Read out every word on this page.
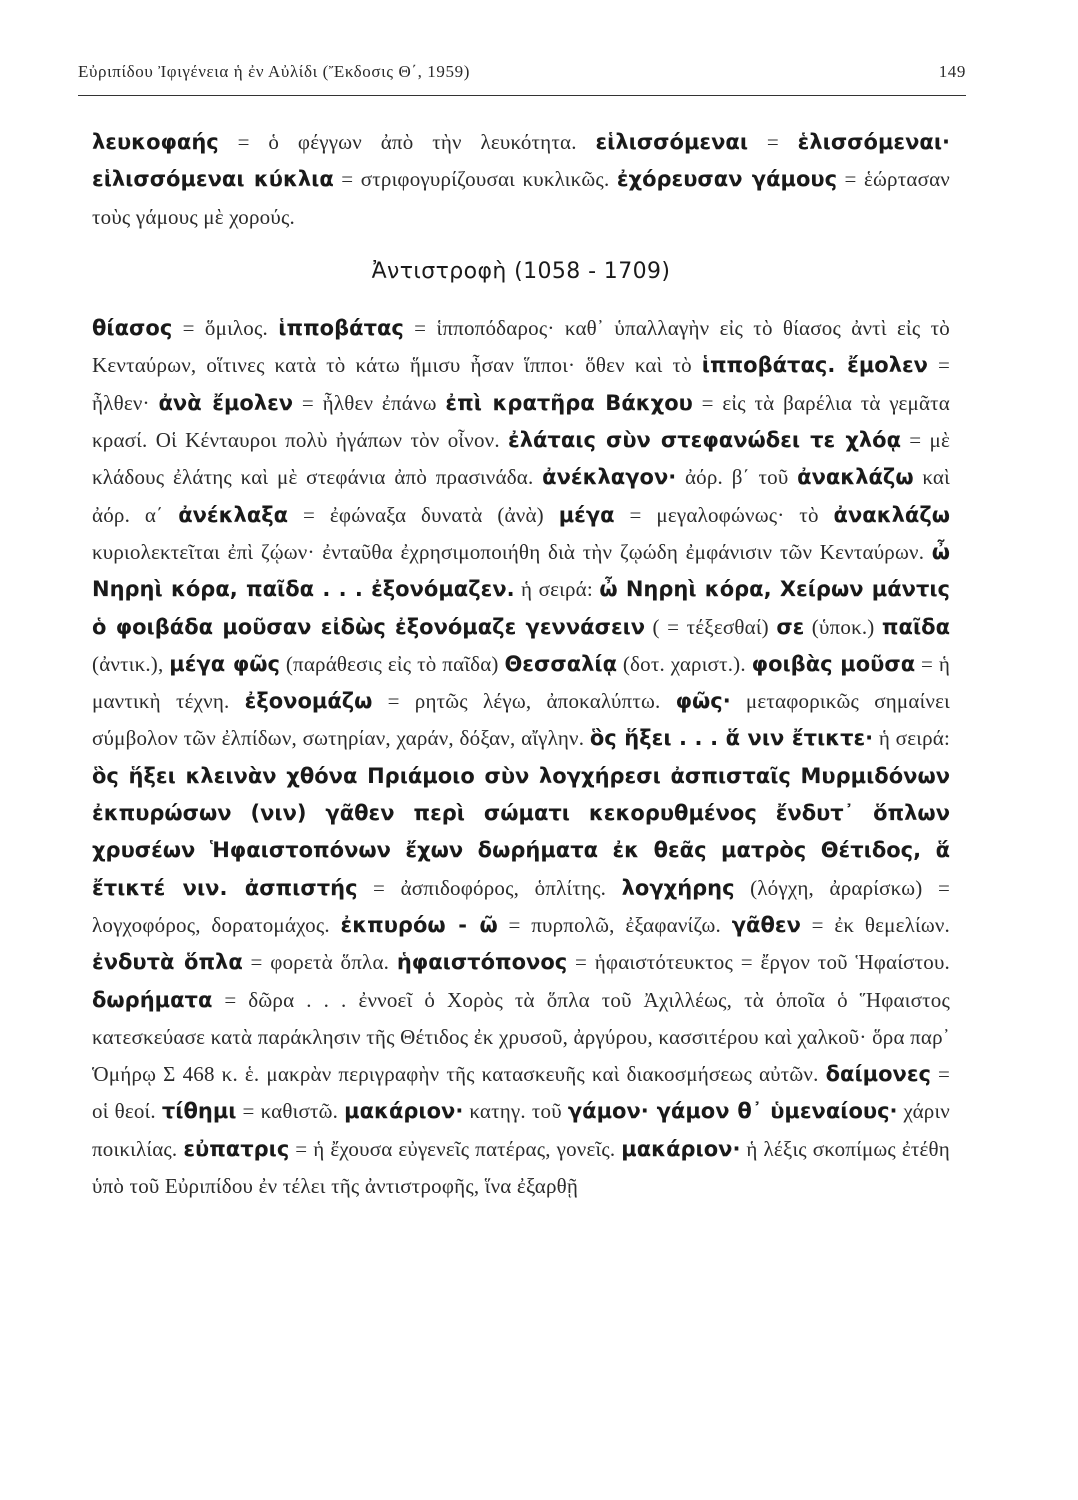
Εὐριπίδου Ἰφιγένεια ἡ ἐν Αὐλίδι (Ἔκδοσις Θ΄, 1959)	149

λευκοφαής = ὁ φέγγων ἀπὸ τὴν λευκότητα. εἱλισσόμεναι = ἑλισσόμεναι· εἱλισσόμεναι κύκλια = στριφογυρίζουσαι κυκλικῶς. ἐχόρευσαν γάμους = ἑώρτασαν τοὺς γάμους μὲ χορούς.

Ἀντιστροφὴ (1058 - 1709)

θίασος = ὅμιλος. ἱπποβάτας = ἱπποπόδαρος· καθ᾽ ὑπαλλαγὴν εἰς τὸ θίασος ἀντὶ εἰς τὸ Κενταύρων, οἵτινες κατὰ τὸ κάτω ἥμισυ ἦσαν ἵπποι· ὅθεν καὶ τὸ ἱπποβάτας. ἔμολεν = ἦλθεν· ἀνὰ ἔμολεν = ἦλθεν ἐπάνω ἐπὶ κρατῆρα Βάκχου = εἰς τὰ βαρέλια τὰ γεμᾶτα κρασί. Οἱ Κένταυροι πολὺ ἠγάπων τὸν οἶνον. ἐλάταις σὺν στεφανώδει τε χλόᾳ = μὲ κλάδους ἐλάτης καὶ μὲ στεφάνια ἀπὸ πρασινάδα. ἀνέκλαγον· ἀόρ. β΄ τοῦ ἀνακλάζω καὶ ἀόρ. α΄ ἀνέκλαξα = ἐφώναξα δυνατὰ (ἀνὰ) μέγα = μεγαλοφώνως· τὸ ἀνακλάζω κυριολεκτεῖται ἐπὶ ζῴων· ἐνταῦθα ἐχρησιμοποιήθη διὰ τὴν ζῳώδη ἐμφάνισιν τῶν Κενταύρων. ὦ Νηρηὶ κόρα, παῖδα . . . ἐξονόμαζεν. ἡ σειρά: ὦ Νηρηὶ κόρα, Χείρων μάντις ὁ φοιβάδα μοῦσαν εἰδὼς ἐξονόμαζε γεννάσειν ( = τέξεσθαί) σε (ὑποκ.) παῖδα (ἀντικ.), μέγα φῶς (παράθεσις εἰς τὸ παῖδα) Θεσσαλίᾳ (δοτ. χαριστ.). φοιβὰς μοῦσα = ἡ μαντικὴ τέχνη. ἐξονομάζω = ρητῶς λέγω, ἀποκαλύπτω. φῶς· μεταφορικῶς σημαίνει σύμβολον τῶν ἐλπίδων, σωτηρίαν, χαράν, δόξαν, αἴγλην. ὃς ἥξει . . . ἅ νιν ἔτικτε· ἡ σειρά: ὃς ἥξει κλεινὰν χθόνα Πριάμοιο σὺν λογχήρεσι ἀσπισταῖς Μυρμιδόνων ἐκπυρώσων (νιν) γᾶθεν περὶ σώματι κεκορυθμένος ἔνδυτ᾽ ὅπλων χρυσέων Ἡφαιστοπόνων ἔχων δωρήματα ἐκ θεᾶς ματρὸς Θέτιδος, ἅ ἔτικτέ νιν. ἀσπιστής = ἀσπιδοφόρος, ὁπλίτης. λογχήρης (λόγχη, ἀραρίσκω) = λογχοφόρος, δορατομάχος. ἐκπυρόω - ῶ = πυρπολῶ, ἐξαφανίζω. γᾶθεν = ἐκ θεμελίων. ἐνδυτὰ ὅπλα = φορετὰ ὅπλα. ἡφαιστόπονος = ἡφαιστότευκτος = ἔργον τοῦ Ἡφαίστου. δωρήματα = δῶρα . . . ἐννοεῖ ὁ Χορὸς τὰ ὅπλα τοῦ Ἀχιλλέως, τὰ ὁποῖα ὁ Ἥφαιστος κατεσκεύασε κατὰ παράκλησιν τῆς Θέτιδος ἐκ χρυσοῦ, ἀργύρου, κασσιτέρου καὶ χαλκοῦ· ὅρα παρ᾽ Ὁμήρῳ Σ 468 κ. ἑ. μακρὰν περιγραφὴν τῆς κατασκευῆς καὶ διακοσμήσεως αὐτῶν. δαίμονες = οἱ θεοί. τίθημι = καθιστῶ. μακάριον· κατηγ. τοῦ γάμον· γάμον θ᾽ ὑμεναίους· χάριν ποικιλίας. εὐπατρις = ἡ ἔχουσα εὐγενεῖς πατέρας, γονεῖς. μακάριον· ἡ λέξις σκοπίμως ἐτέθη ὑπὸ τοῦ Εὐριπίδου ἐν τέλει τῆς ἀντιστροφῆς, ἵνα ἐξαρθῇ
